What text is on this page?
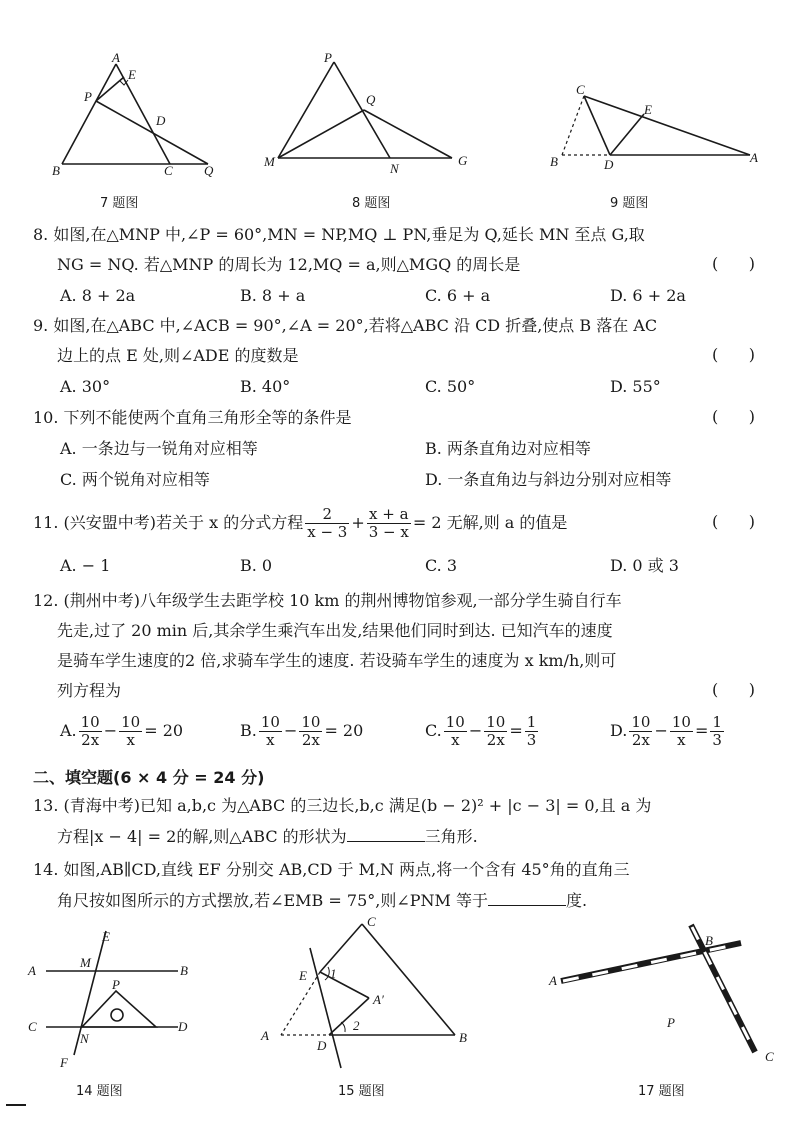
A
E
P
D
B	C Q
7 题图
P
Q
M	N
G
8 题图
C
E
B	D	A
9 题图
8. 如图,在△MNP 中,∠P = 60°,MN = NP,MQ ⊥ PN,垂足为 Q,延长 MN 至点 G,取
NG = NQ. 若△MNP 的周长为 12,MQ = a,则△MGQ 的周长是	(      )
A. 8 + 2a	B. 8 + a	C. 6 + a	D. 6 + 2a
9. 如图,在△ABC 中,∠ACB = 90°,∠A = 20°,若将△ABC 沿 CD 折叠,使点 B 落在 AC
边上的点 E 处,则∠ADE 的度数是	(      )
A. 30°	B. 40°	C. 50°	D. 55°
10. 下列不能使两个直角三角形全等的条件是	(      )
A. 一条边与一锐角对应相等	B. 两条直角边对应相等
C. 两个锐角对应相等	D. 一条直角边与斜边分别对应相等
11. (兴安盟中考)若关于 x 的分式方程 $\frac{2}{x - 3} + \frac{x + a}{3 - x} = 2$ 无解,则 a 的值是	(      )
A. − 1	B. 0	C. 3	D. 0 或 3
12. (荆州中考)八年级学生去距学校 10 km 的荆州博物馆参观,一部分学生骑自行车
先走,过了 20 min 后,其余学生乘汽车出发,结果他们同时到达. 已知汽车的速度
是骑车学生速度的2 倍,求骑车学生的速度. 若设骑车学生的速度为 x km/h,则可
列方程为	(      )
A. $\frac{10}{2x} - \frac{10}{x} = 20$	B. $\frac{10}{x} - \frac{10}{2x} = 20$	C. $\frac{10}{x} - \frac{10}{2x} = \frac{1}{3}$	D. $\frac{10}{2x} - \frac{10}{x} = \frac{1}{3}$
二、填空题(6 × 4 分 = 24 分)
13. (青海中考)已知 a,b,c 为△ABC 的三边长,b,c 满足(b − 2)² + |c − 3| = 0,且 a 为
方程|x − 4| = 2的解,则△ABC 的形状为	三角形.
14. 如图,AB∥CD,直线 EF 分别交 AB,CD 于 M,N 两点,将一个含有 45°角的直角三
角尺按如图所示的方式摆放,若∠EMB = 75°,则∠PNM 等于	度.
E
M
A	B
P
C
N
D
F
14 题图
C
E 1
A′
A
2
D
B
15 题图
B
A
P
C
17 题图
